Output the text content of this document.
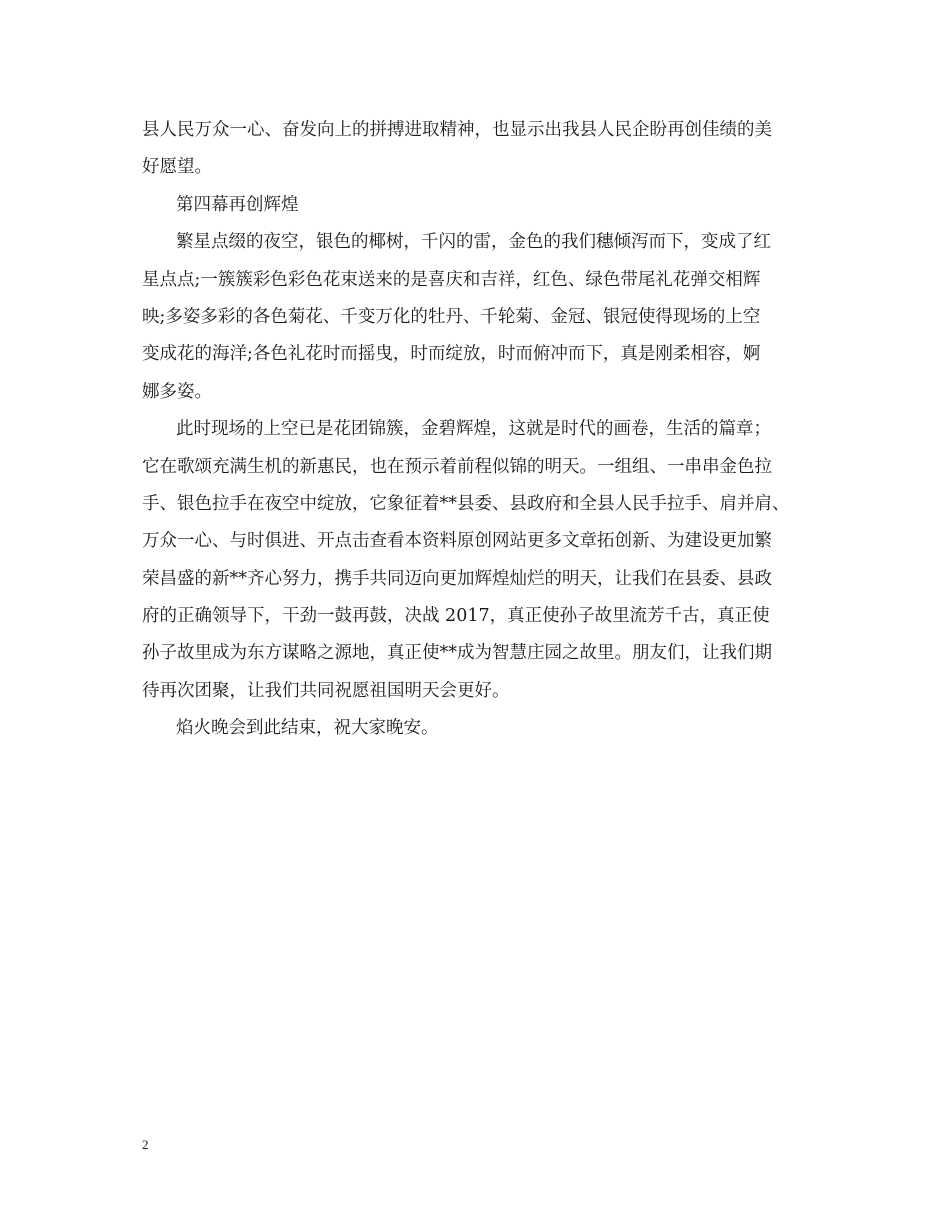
县人民万众一心、奋发向上的拼搏进取精神，也显示出我县人民企盼再创佳绩的美
好愿望。
第四幕再创辉煌
繁星点缀的夜空，银色的椰树，千闪的雷，金色的我们穗倾泻而下，变成了红
星点点;一簇簇彩色彩色花束送来的是喜庆和吉祥，红色、绿色带尾礼花弹交相辉
映;多姿多彩的各色菊花、千变万化的牡丹、千轮菊、金冠、银冠使得现场的上空
变成花的海洋;各色礼花时而摇曳，时而绽放，时而俯冲而下，真是刚柔相容，婀
娜多姿。
此时现场的上空已是花团锦簇，金碧辉煌，这就是时代的画卷，生活的篇章；
它在歌颂充满生机的新惠民，也在预示着前程似锦的明天。一组组、一串串金色拉
手、银色拉手在夜空中绽放，它象征着**县委、县政府和全县人民手拉手、肩并肩、
万众一心、与时俱进、开点击查看本资料原创网站更多文章拓创新、为建设更加繁
荣昌盛的新**齐心努力，携手共同迈向更加辉煌灿烂的明天，让我们在县委、县政
府的正确领导下，干劲一鼓再鼓，决战 2017，真正使孙子故里流芳千古，真正使
孙子故里成为东方谋略之源地，真正使**成为智慧庄园之故里。朋友们，让我们期
待再次团聚，让我们共同祝愿祖国明天会更好。
焰火晚会到此结束，祝大家晚安。
2
